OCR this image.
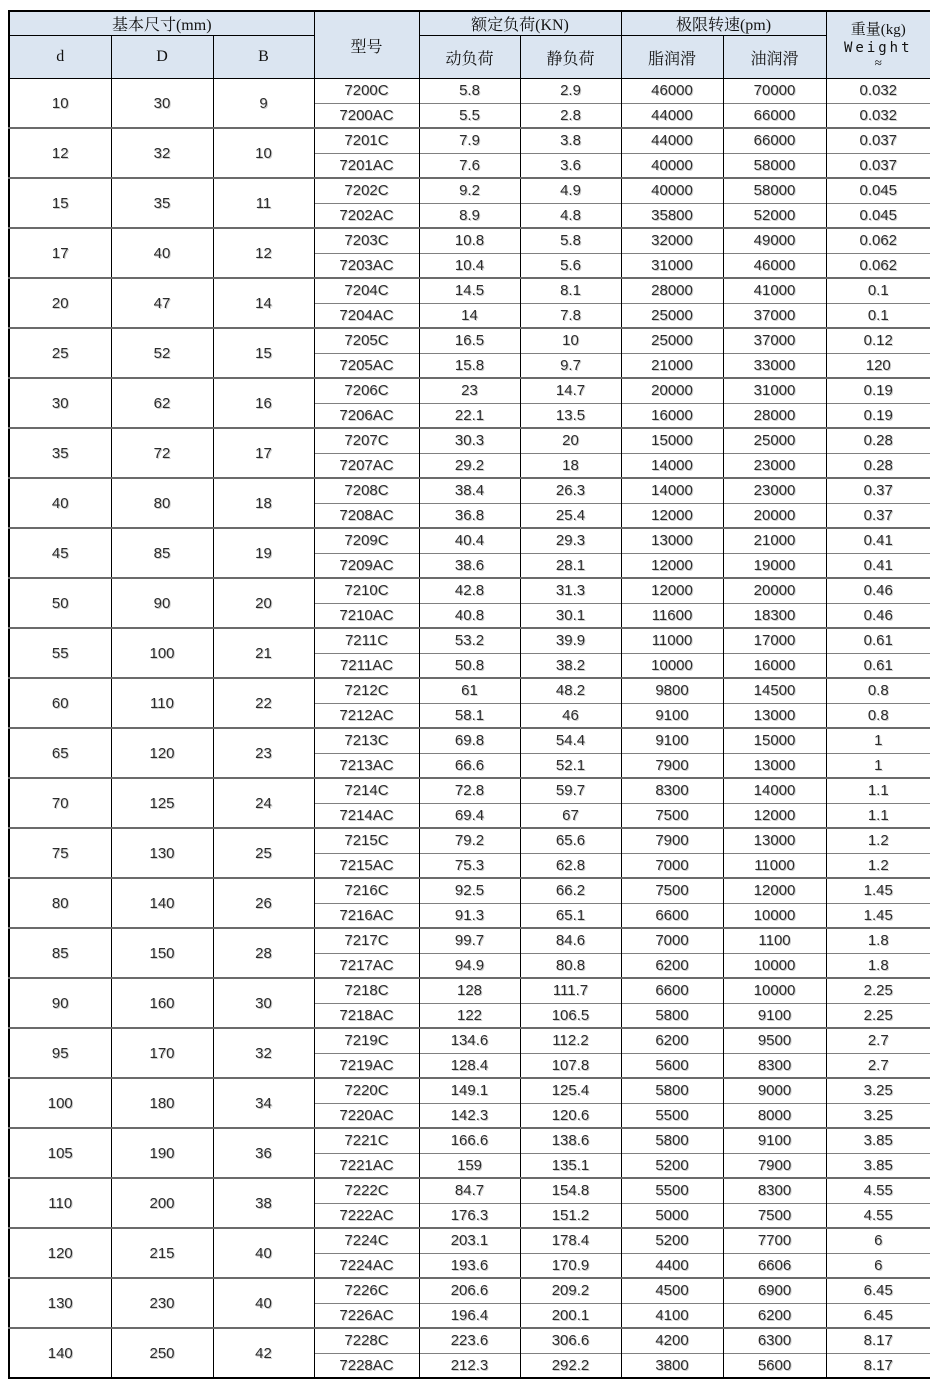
基本尺寸(mm)			型号	额定负荷(KN)		极限转速(pm)		重量(kg)
Weight
≈

d	D	B		动负荷	静负荷	脂润滑	油润滑	
10	30	9	7200C	5.8	2.9	46000	70000	0.032
			7200AC	5.5	2.8	44000	66000	0.032
12	32	10	7201C	7.9	3.8	44000	66000	0.037
			7201AC	7.6	3.6	40000	58000	0.037
15	35	11	7202C	9.2	4.9	40000	58000	0.045
			7202AC	8.9	4.8	35800	52000	0.045
17	40	12	7203C	10.8	5.8	32000	49000	0.062
			7203AC	10.4	5.6	31000	46000	0.062
20	47	14	7204C	14.5	8.1	28000	41000	0.1
			7204AC	14	7.8	25000	37000	0.1
25	52	15	7205C	16.5	10	25000	37000	0.12
			7205AC	15.8	9.7	21000	33000	120
30	62	16	7206C	23	14.7	20000	31000	0.19
			7206AC	22.1	13.5	16000	28000	0.19
35	72	17	7207C	30.3	20	15000	25000	0.28
			7207AC	29.2	18	14000	23000	0.28
40	80	18	7208C	38.4	26.3	14000	23000	0.37
			7208AC	36.8	25.4	12000	20000	0.37
45	85	19	7209C	40.4	29.3	13000	21000	0.41
			7209AC	38.6	28.1	12000	19000	0.41
50	90	20	7210C	42.8	31.3	12000	20000	0.46
			7210AC	40.8	30.1	11600	18300	0.46
55	100	21	7211C	53.2	39.9	11000	17000	0.61
			7211AC	50.8	38.2	10000	16000	0.61
60	110	22	7212C	61	48.2	9800	14500	0.8
			7212AC	58.1	46	9100	13000	0.8
65	120	23	7213C	69.8	54.4	9100	15000	1
			7213AC	66.6	52.1	7900	13000	1
70	125	24	7214C	72.8	59.7	8300	14000	1.1
			7214AC	69.4	67	7500	12000	1.1
75	130	25	7215C	79.2	65.6	7900	13000	1.2
			7215AC	75.3	62.8	7000	11000	1.2
80	140	26	7216C	92.5	66.2	7500	12000	1.45
			7216AC	91.3	65.1	6600	10000	1.45
85	150	28	7217C	99.7	84.6	7000	1100	1.8
			7217AC	94.9	80.8	6200	10000	1.8
90	160	30	7218C	128	111.7	6600	10000	2.25
			7218AC	122	106.5	5800	9100	2.25
95	170	32	7219C	134.6	112.2	6200	9500	2.7
			7219AC	128.4	107.8	5600	8300	2.7
100	180	34	7220C	149.1	125.4	5800	9000	3.25
			7220AC	142.3	120.6	5500	8000	3.25
105	190	36	7221C	166.6	138.6	5800	9100	3.85
			7221AC	159	135.1	5200	7900	3.85
110	200	38	7222C	84.7	154.8	5500	8300	4.55
			7222AC	176.3	151.2	5000	7500	4.55
120	215	40	7224C	203.1	178.4	5200	7700	6
			7224AC	193.6	170.9	4400	6606	6
130	230	40	7226C	206.6	209.2	4500	6900	6.45
			7226AC	196.4	200.1	4100	6200	6.45
140	250	42	7228C	223.6	306.6	4200	6300	8.17
			7228AC	212.3	292.2	3800	5600	8.17
